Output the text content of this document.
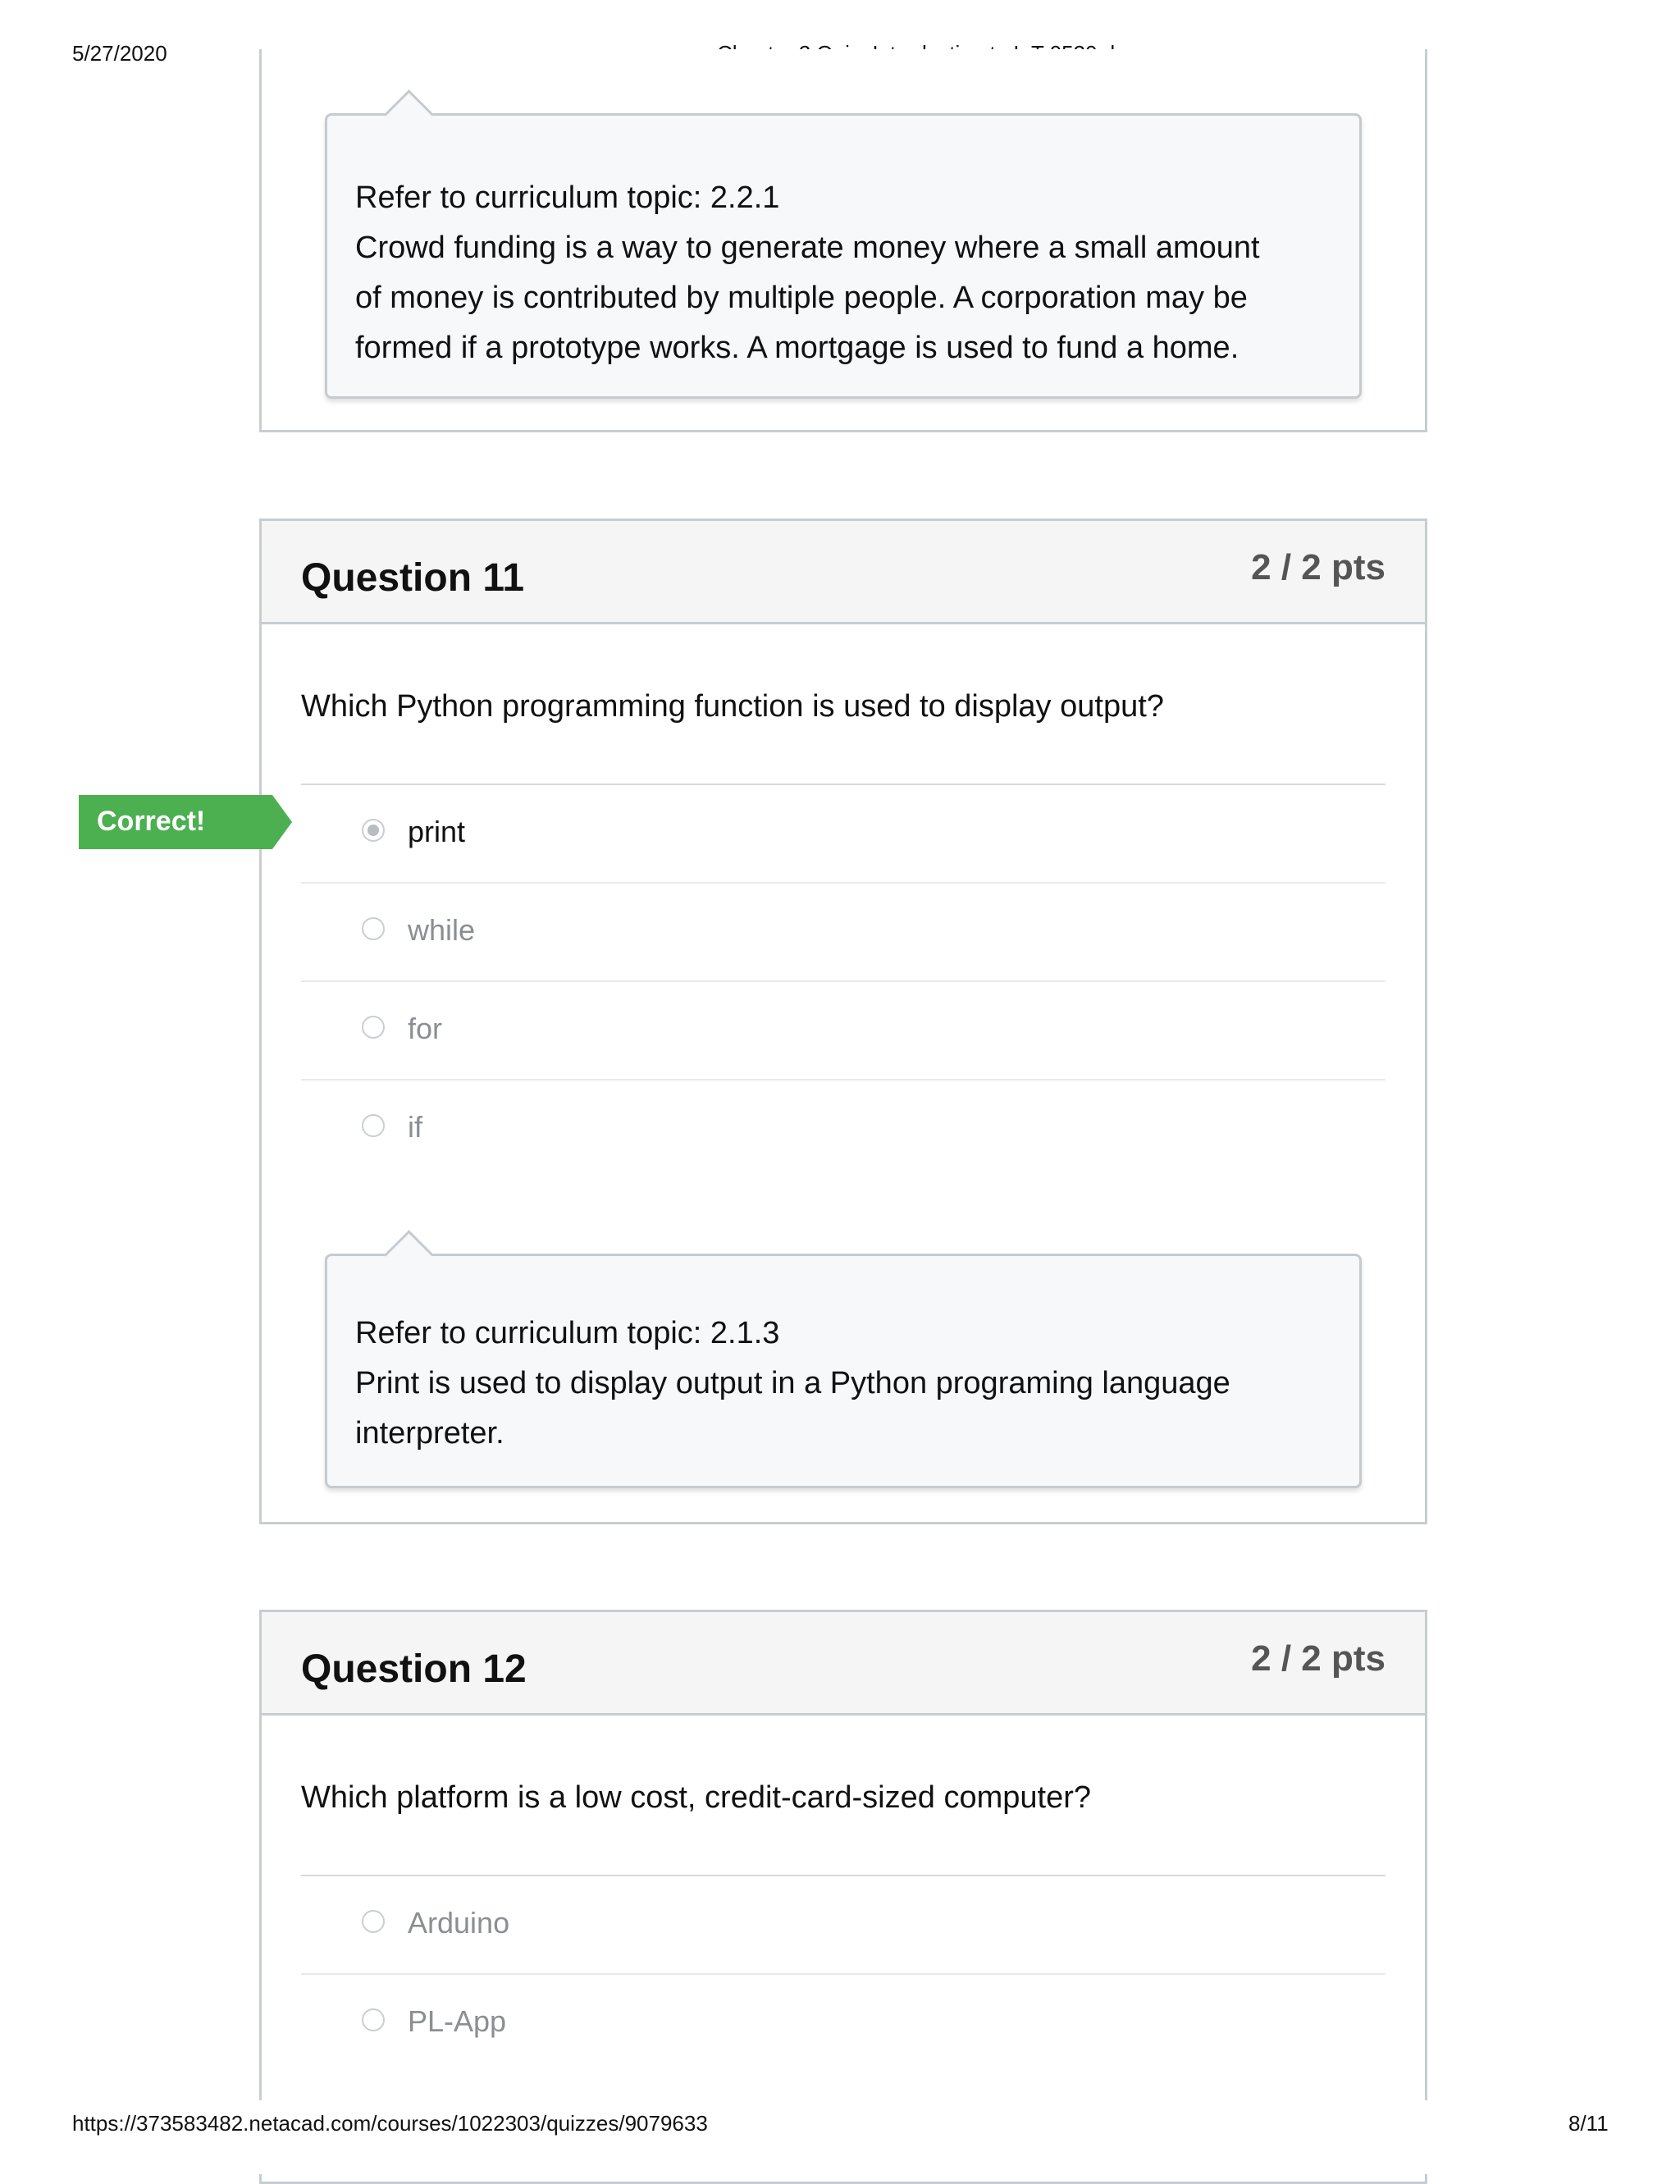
5/27/2020
Refer to curriculum topic: 2.2.1
Crowd funding is a way to generate money where a small amount
of money is contributed by multiple people. A corporation may be
formed if a prototype works. A mortgage is used to fund a home.
Question 11	2 / 2 pts
Which Python programming function is used to display output?
print
while
for
if
Refer to curriculum topic: 2.1.3
Print is used to display output in a Python programing language
interpreter.
Correct!
Question 12	2 / 2 pts
Which platform is a low cost, credit-card-sized computer?
Arduino
PL-App
https://373583482.netacad.com/courses/1022303/quizzes/9079633	8/11
